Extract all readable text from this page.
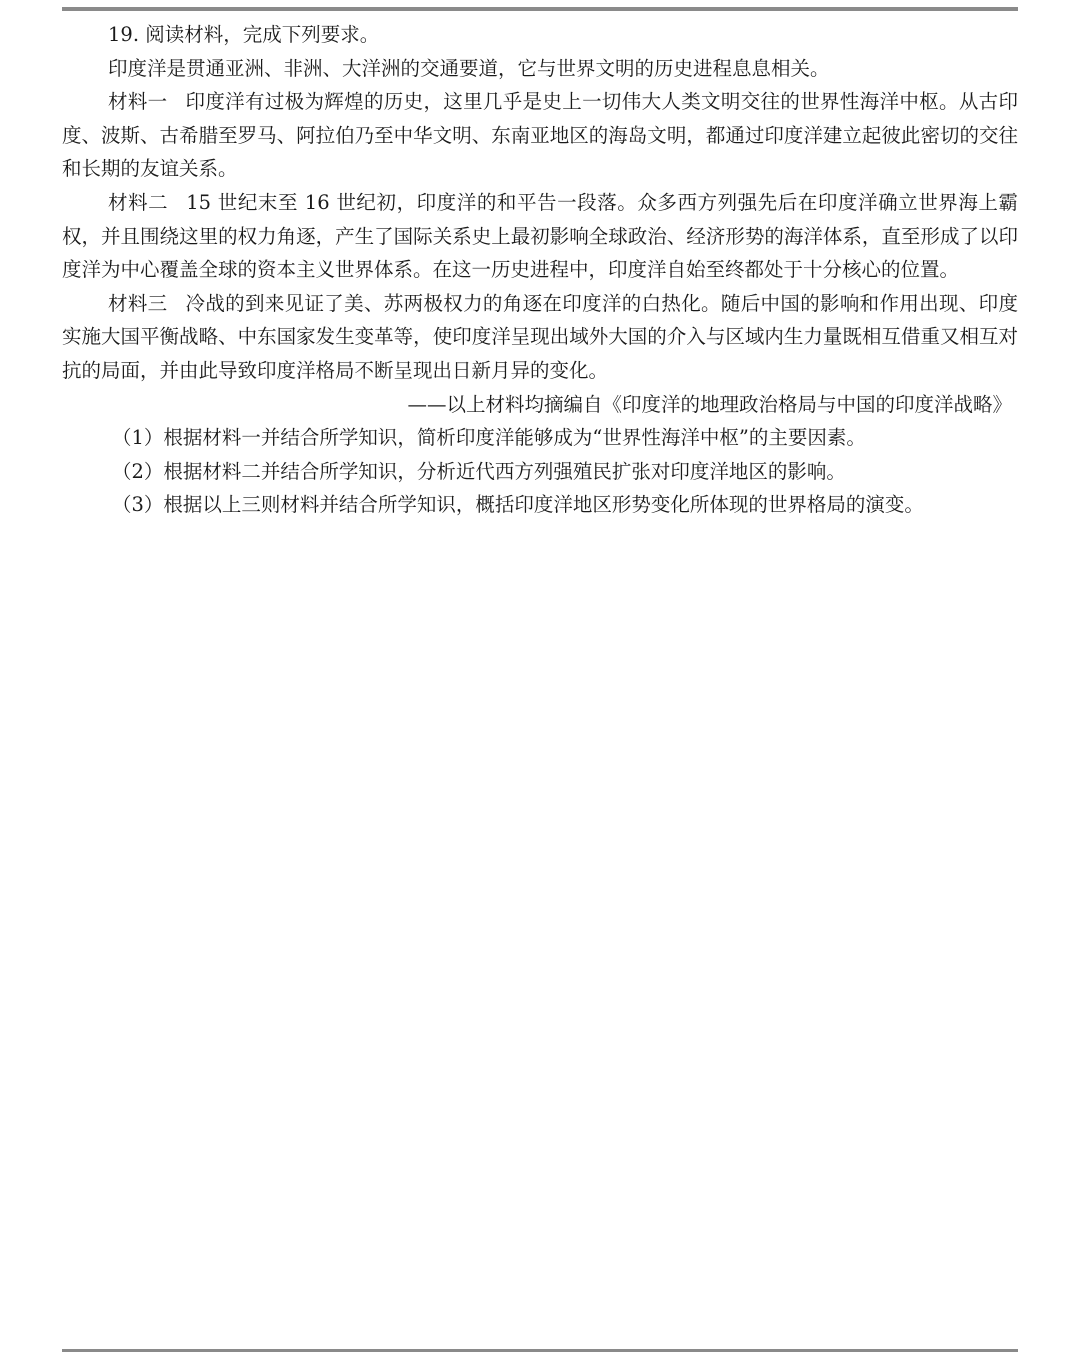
19. 阅读材料，完成下列要求。

印度洋是贯通亚洲、非洲、大洋洲的交通要道，它与世界文明的历史进程息息相关。

材料一 印度洋有过极为辉煌的历史，这里几乎是史上一切伟大人类文明交往的世界性海洋中枢。从古印度、波斯、古希腊至罗马、阿拉伯乃至中华文明、东南亚地区的海岛文明，都通过印度洋建立起彼此密切的交往和长期的友谊关系。

材料二 15 世纪末至 16 世纪初，印度洋的和平告一段落。众多西方列强先后在印度洋确立世界海上霸权，并且围绕这里的权力角逐，产生了国际关系史上最初影响全球政治、经济形势的海洋体系，直至形成了以印度洋为中心覆盖全球的资本主义世界体系。在这一历史进程中，印度洋自始至终都处于十分核心的位置。

材料三 冷战的到来见证了美、苏两极权力的角逐在印度洋的白热化。随后中国的影响和作用出现、印度实施大国平衡战略、中东国家发生变革等，使印度洋呈现出域外大国的介入与区域内生力量既相互借重又相互对抗的局面，并由此导致印度洋格局不断呈现出日新月异的变化。

——以上材料均摘编自《印度洋的地理政治格局与中国的印度洋战略》

（1）根据材料一并结合所学知识，简析印度洋能够成为“世界性海洋中枢”的主要因素。

（2）根据材料二并结合所学知识，分析近代西方列强殖民扩张对印度洋地区的影响。

（3）根据以上三则材料并结合所学知识，概括印度洋地区形势变化所体现的世界格局的演变。
